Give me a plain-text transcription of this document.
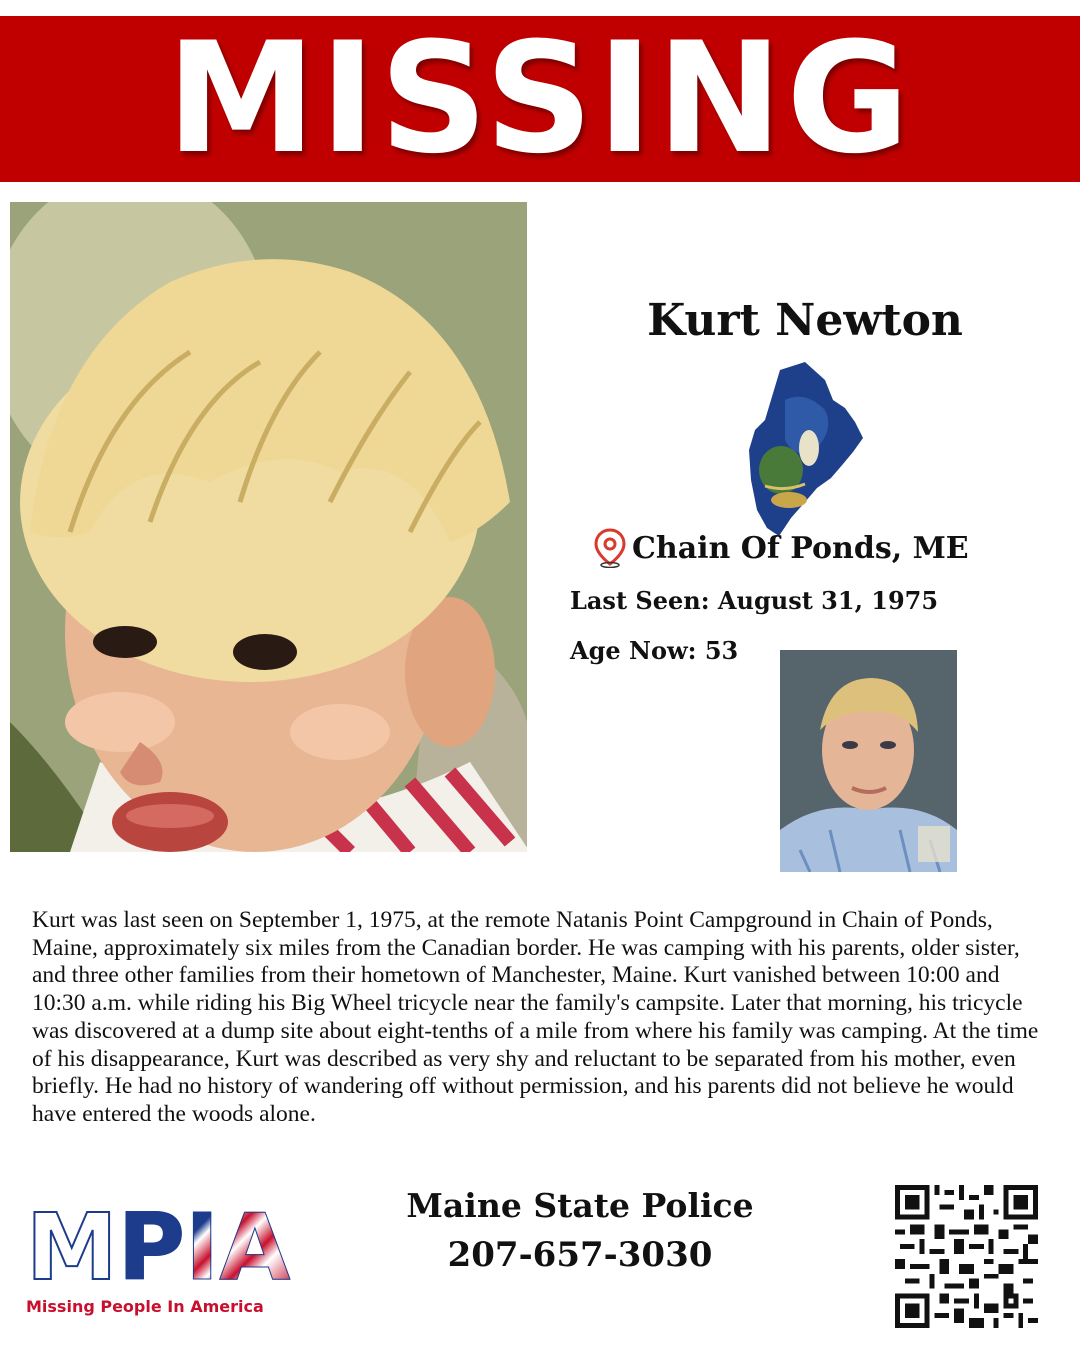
MISSING
Kurt Newton
Chain Of Ponds, ME
Last Seen: August 31, 1975
Age Now: 53

Kurt was last seen on September 1, 1975, at the remote Natanis Point Campground in Chain of Ponds, Maine, approximately six miles from the Canadian border. He was camping with his parents, older sister, and three other families from their hometown of Manchester, Maine. Kurt vanished between 10:00 and 10:30 a.m. while riding his Big Wheel tricycle near the family's campsite. Later that morning, his tricycle was discovered at a dump site about eight-tenths of a mile from where his family was camping. At the time of his disappearance, Kurt was described as very shy and reluctant to be separated from his mother, even briefly. He had no history of wandering off without permission, and his parents did not believe he would have entered the woods alone.

M PIA
Missing People In America
Maine State Police
207-657-3030
